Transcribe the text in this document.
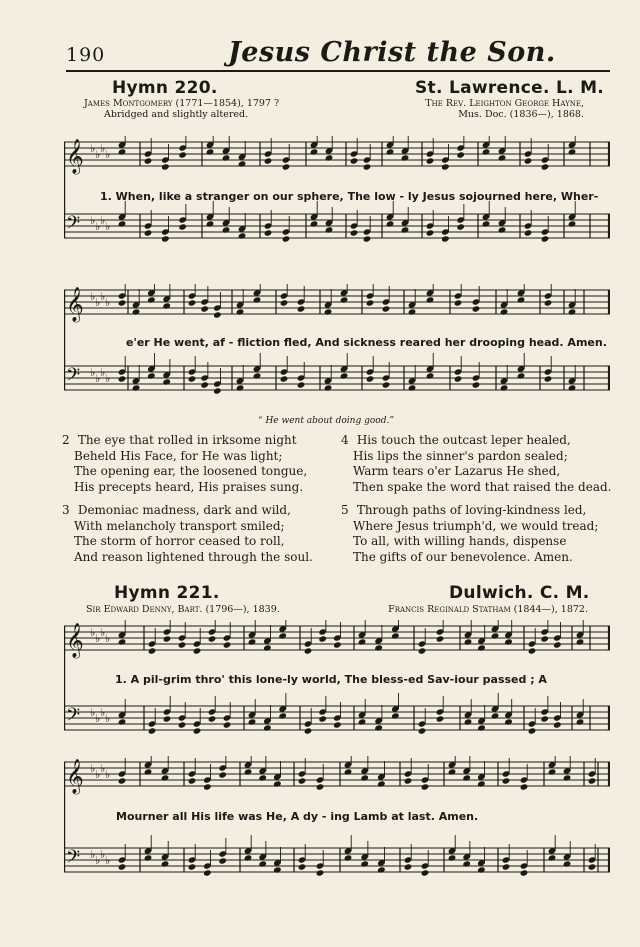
190	Jesus Christ the Son.
Hymn 220.	St. Lawrence. L. M.
James Montgomery (1771—1854), 1797 ?
Abridged and slightly altered.
The Rev. Leighton George Hayne,
Mus. Doc. (1836—), 1868.
𝄞 ♭ ♭ ♭ ♭
𝄢 ♭ ♭ ♭ ♭
1. When, like a stranger on our sphere, The low - ly Jesus sojourned here, Wher-
𝄞 ♭ ♭ ♭ ♭
𝄢 ♭ ♭ ♭ ♭
e'er He went, af - fliction fled, And sickness reared her drooping head. Amen.
“ He went about doing good.”
2 The eye that rolled in irksome night
Beheld His Face, for He was light;
The opening ear, the loosened tongue,
His precepts heard, His praises sung.
3 Demoniac madness, dark and wild,
With melancholy transport smiled;
The storm of horror ceased to roll,
And reason lightened through the soul.
4 His touch the outcast leper healed,
His lips the sinner's pardon sealed;
Warm tears o'er Lazarus He shed,
Then spake the word that raised the dead.
5 Through paths of loving-kindness led,
Where Jesus triumph'd, we would tread;
To all, with willing hands, dispense
The gifts of our benevolence. Amen.
Hymn 221.	Dulwich. C. M.
Sir Edward Denny, Bart. (1796—), 1839.	Francis Reginald Statham (1844—), 1872.
𝄞 ♭ ♭ ♭ ♭
𝄢 ♭ ♭ ♭ ♭
1. A pil-grim thro' this lone-ly world, The bless-ed Sav-iour passed ; A
𝄞 ♭ ♭ ♭ ♭
𝄢 ♭ ♭ ♭ ♭
Mourner all His life was He, A dy - ing Lamb at last. Amen.
